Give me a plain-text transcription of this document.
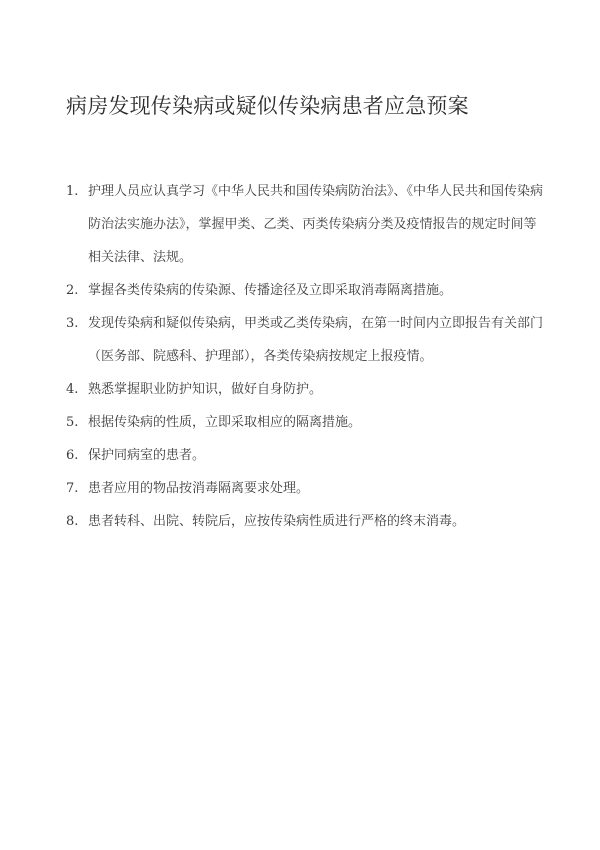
病房发现传染病或疑似传染病患者应急预案
1. 护理人员应认真学习《中华人民共和国传染病防治法》、《中华人民共和国传染病防治法实施办法》，掌握甲类、乙类、丙类传染病分类及疫情报告的规定时间等相关法律、法规。
2. 掌握各类传染病的传染源、传播途径及立即采取消毒隔离措施。
3. 发现传染病和疑似传染病，甲类或乙类传染病，在第一时间内立即报告有关部门（医务部、院感科、护理部），各类传染病按规定上报疫情。
4. 熟悉掌握职业防护知识，做好自身防护。
5. 根据传染病的性质，立即采取相应的隔离措施。
6. 保护同病室的患者。
7. 患者应用的物品按消毒隔离要求处理。
8. 患者转科、出院、转院后，应按传染病性质进行严格的终末消毒。
